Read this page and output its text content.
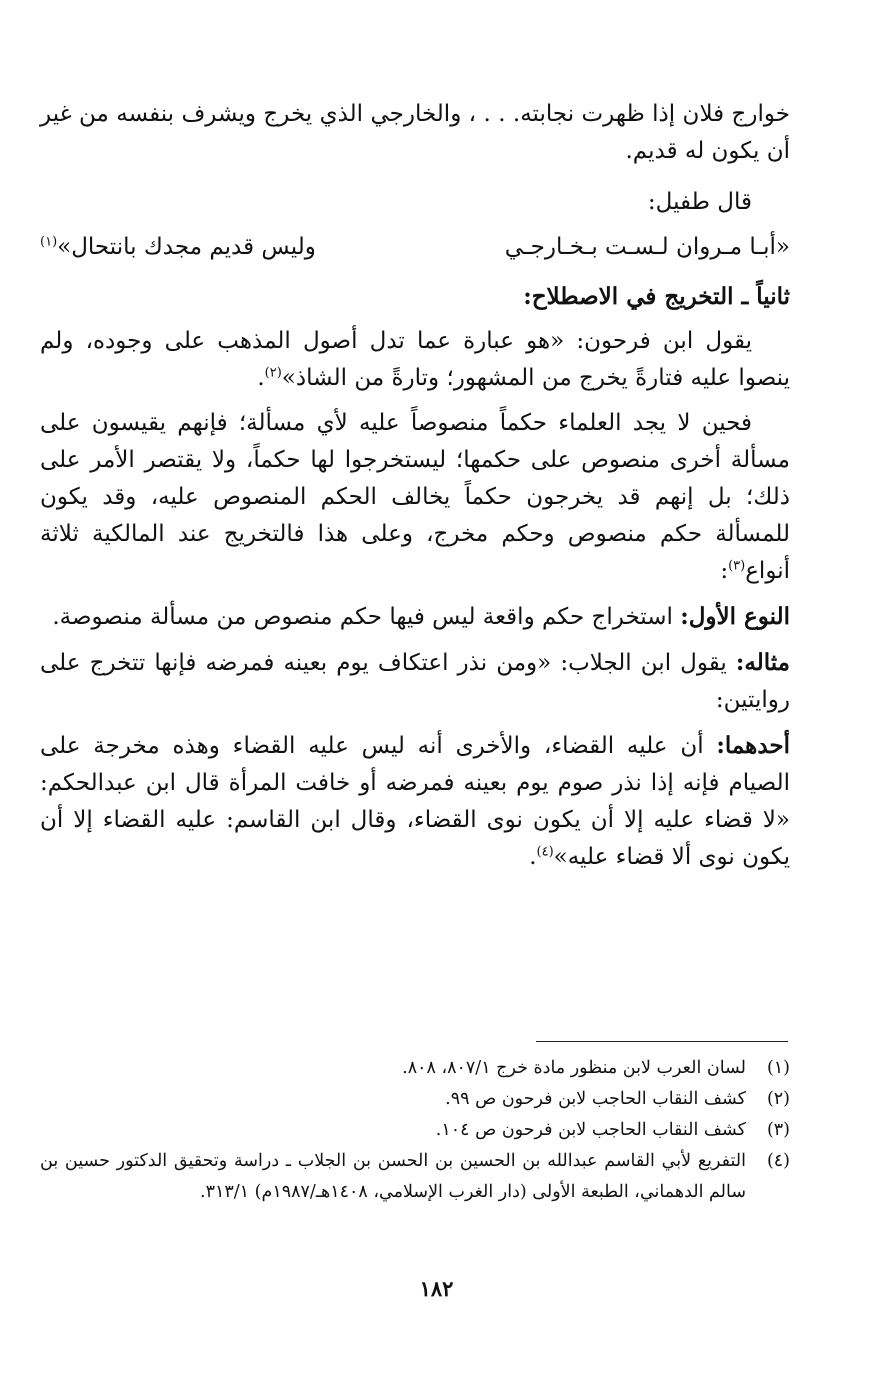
خوارج فلان إذا ظهرت نجابته. . . ، والخارجي الذي يخرج ويشرف بنفسه من غير أن يكون له قديم.

قال طفيل:

«أبـا مـروان لـسـت بـخـارجـي
وليس قديم مجدك بانتحال»$^{(١)}$

ثانياً ـ التخريج في الاصطلاح:

يقول ابن فرحون: «هو عبارة عما تدل أصول المذهب على وجوده، ولم ينصوا عليه فتارةً يخرج من المشهور؛ وتارةً من الشاذ»$^{(٢)}$.

فحين لا يجد العلماء حكماً منصوصاً عليه لأي مسألة؛ فإنهم يقيسون على مسألة أخرى منصوص على حكمها؛ ليستخرجوا لها حكماً، ولا يقتصر الأمر على ذلك؛ بل إنهم قد يخرجون حكماً يخالف الحكم المنصوص عليه، وقد يكون للمسألة حكم منصوص وحكم مخرج، وعلى هذا فالتخريج عند المالكية ثلاثة أنواع$^{(٣)}$:

النوع الأول: استخراج حكم واقعة ليس فيها حكم منصوص من مسألة منصوصة.

مثاله: يقول ابن الجلاب: «ومن نذر اعتكاف يوم بعينه فمرضه فإنها تتخرج على روايتين:

أحدهما: أن عليه القضاء، والأخرى أنه ليس عليه القضاء وهذه مخرجة على الصيام فإنه إذا نذر صوم يوم بعينه فمرضه أو خافت المرأة قال ابن عبدالحكم: «لا قضاء عليه إلا أن يكون نوى القضاء، وقال ابن القاسم: عليه القضاء إلا أن يكون نوى ألا قضاء عليه»$^{(٤)}$.

(١)
لسان العرب لابن منظور مادة خرج ٨٠٧/١، ٨٠٨.
(٢)
كشف النقاب الحاجب لابن فرحون ص ٩٩.
(٣)
كشف النقاب الحاجب لابن فرحون ص ١٠٤.
(٤)
التفريع لأبي القاسم عبدالله بن الحسين بن الحسن بن الجلاب ـ دراسة وتحقيق الدكتور حسين بن سالم الدهماني، الطبعة الأولى (دار الغرب الإسلامي، ١٤٠٨هـ/١٩٨٧م) ٣١٣/١.
١٨٢
